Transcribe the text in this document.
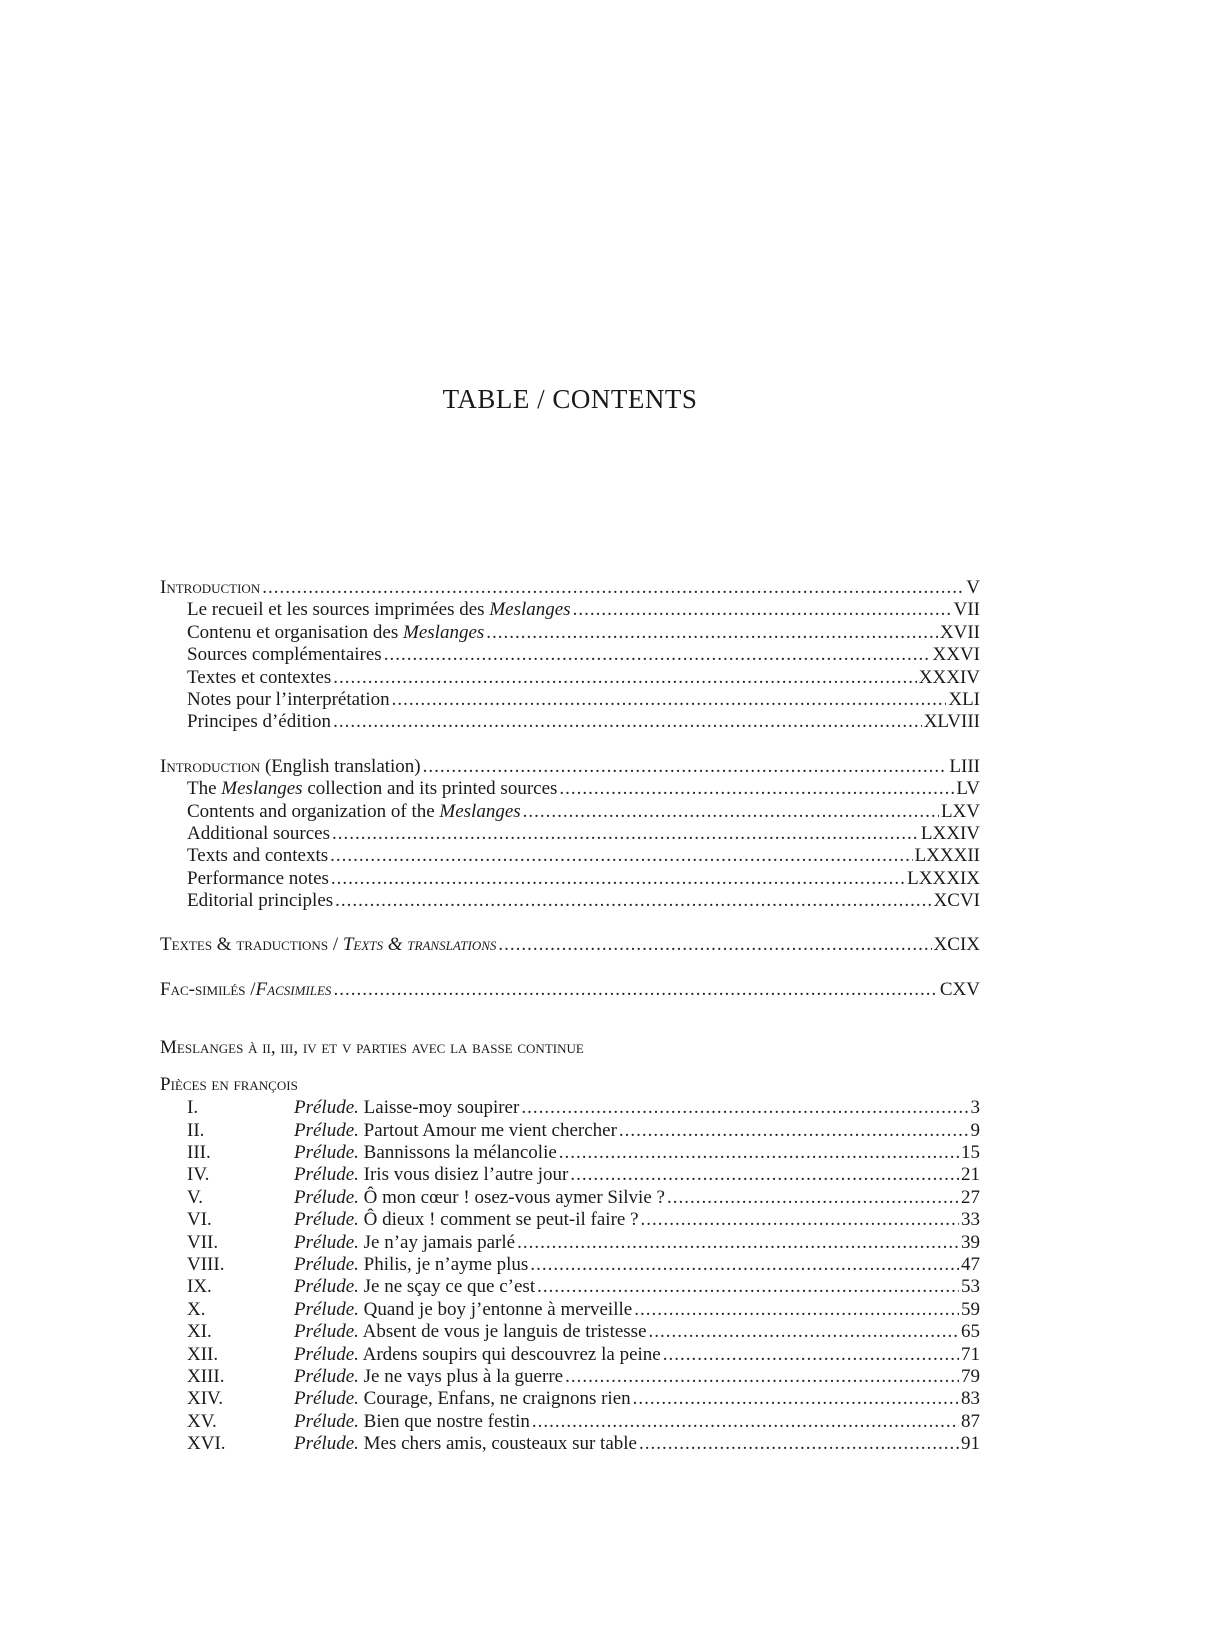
TABLE / CONTENTS
Introduction .....	V
Le recueil et les sources imprimées des Meslanges .....	VII
Contenu et organisation des Meslanges .....	XVII
Sources complémentaires .....	XXVI
Textes et contextes .....	XXXIV
Notes pour l’interprétation .....	XLI
Principes d’édition .....	XLVIII
Introduction (English translation) .....	LIII
The Meslanges collection and its printed sources .....	LV
Contents and organization of the Meslanges .....	LXV
Additional sources .....	LXXIV
Texts and contexts .....	LXXXII
Performance notes .....	LXXXIX
Editorial principles .....	XCVI
Textes & traductions / Texts & translations .....	XCIX
Fac-similés /Facsimiles .....	CXV
Meslanges à ii, iii, iv et v parties avec la basse continue
Pièces en françois
I.	Prélude. Laisse-moy soupirer .....	3
II.	Prélude. Partout Amour me vient chercher .....	9
III.	Prélude. Bannissons la mélancolie .....	15
IV.	Prélude. Iris vous disiez l’autre jour .....	21
V.	Prélude. Ô mon cœur ! osez-vous aymer Silvie ? .....	27
VI.	Prélude. Ô dieux ! comment se peut-il faire ? .....	33
VII.	Prélude. Je n’ay jamais parlé .....	39
VIII.	Prélude. Philis, je n’ayme plus .....	47
IX.	Prélude. Je ne sçay ce que c’est .....	53
X.	Prélude. Quand je boy j’entonne à merveille .....	59
XI.	Prélude. Absent de vous je languis de tristesse .....	65
XII.	Prélude. Ardens soupirs qui descouvrez la peine .....	71
XIII.	Prélude. Je ne vays plus à la guerre .....	79
XIV.	Prélude. Courage, Enfans, ne craignons rien .....	83
XV.	Prélude. Bien que nostre festin .....	87
XVI.	Prélude. Mes chers amis, cousteaux sur table .....	91
